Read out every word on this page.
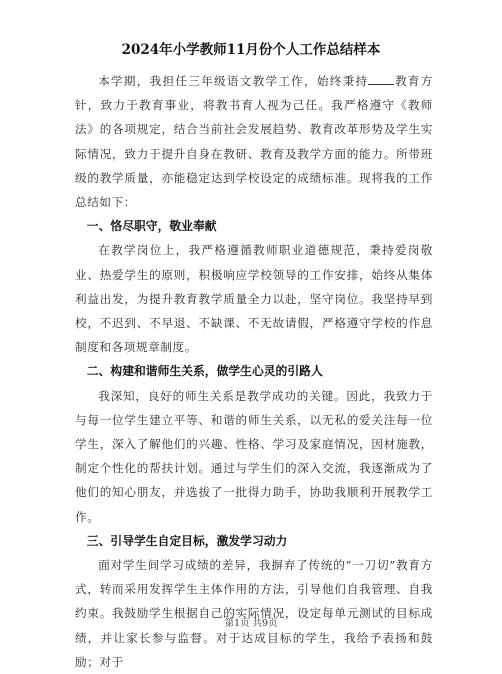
2024年小学教师11月份个人工作总结样本

本学期，我担任三年级语文教学工作，始终秉持 教育方针，致力于教育事业，将教书育人视为己任。我严格遵守《教师法》的各项规定，结合当前社会发展趋势、教育改革形势及学生实际情况，致力于提升自身在教研、教育及教学方面的能力。所带班级的教学质量，亦能稳定达到学校设定的成绩标准。现将我的工作总结如下：

一、恪尽职守，敬业奉献

在教学岗位上，我严格遵循教师职业道德规范，秉持爱岗敬业、热爱学生的原则，积极响应学校领导的工作安排，始终从集体利益出发，为提升教育教学质量全力以赴，坚守岗位。我坚持早到校，不迟到、不早退、不缺课、不无故请假，严格遵守学校的作息制度和各项规章制度。

二、构建和谐师生关系，做学生心灵的引路人

我深知，良好的师生关系是教学成功的关键。因此，我致力于与每一位学生建立平等、和谐的师生关系，以无私的爱关注每一位学生，深入了解他们的兴趣、性格、学习及家庭情况，因材施教，制定个性化的帮扶计划。通过与学生们的深入交流，我逐渐成为了他们的知心朋友，并选拔了一批得力助手，协助我顺利开展教学工作。

三、引导学生自定目标，激发学习动力

面对学生间学习成绩的差异，我摒弃了传统的“一刀切”教育方式，转而采用发挥学生主体作用的方法，引导他们自我管理、自我约束。我鼓励学生根据自己的实际情况，设定每单元测试的目标成绩，并让家长参与监督。对于达成目标的学生，我给予表扬和鼓励；对于

第1页 共9页
